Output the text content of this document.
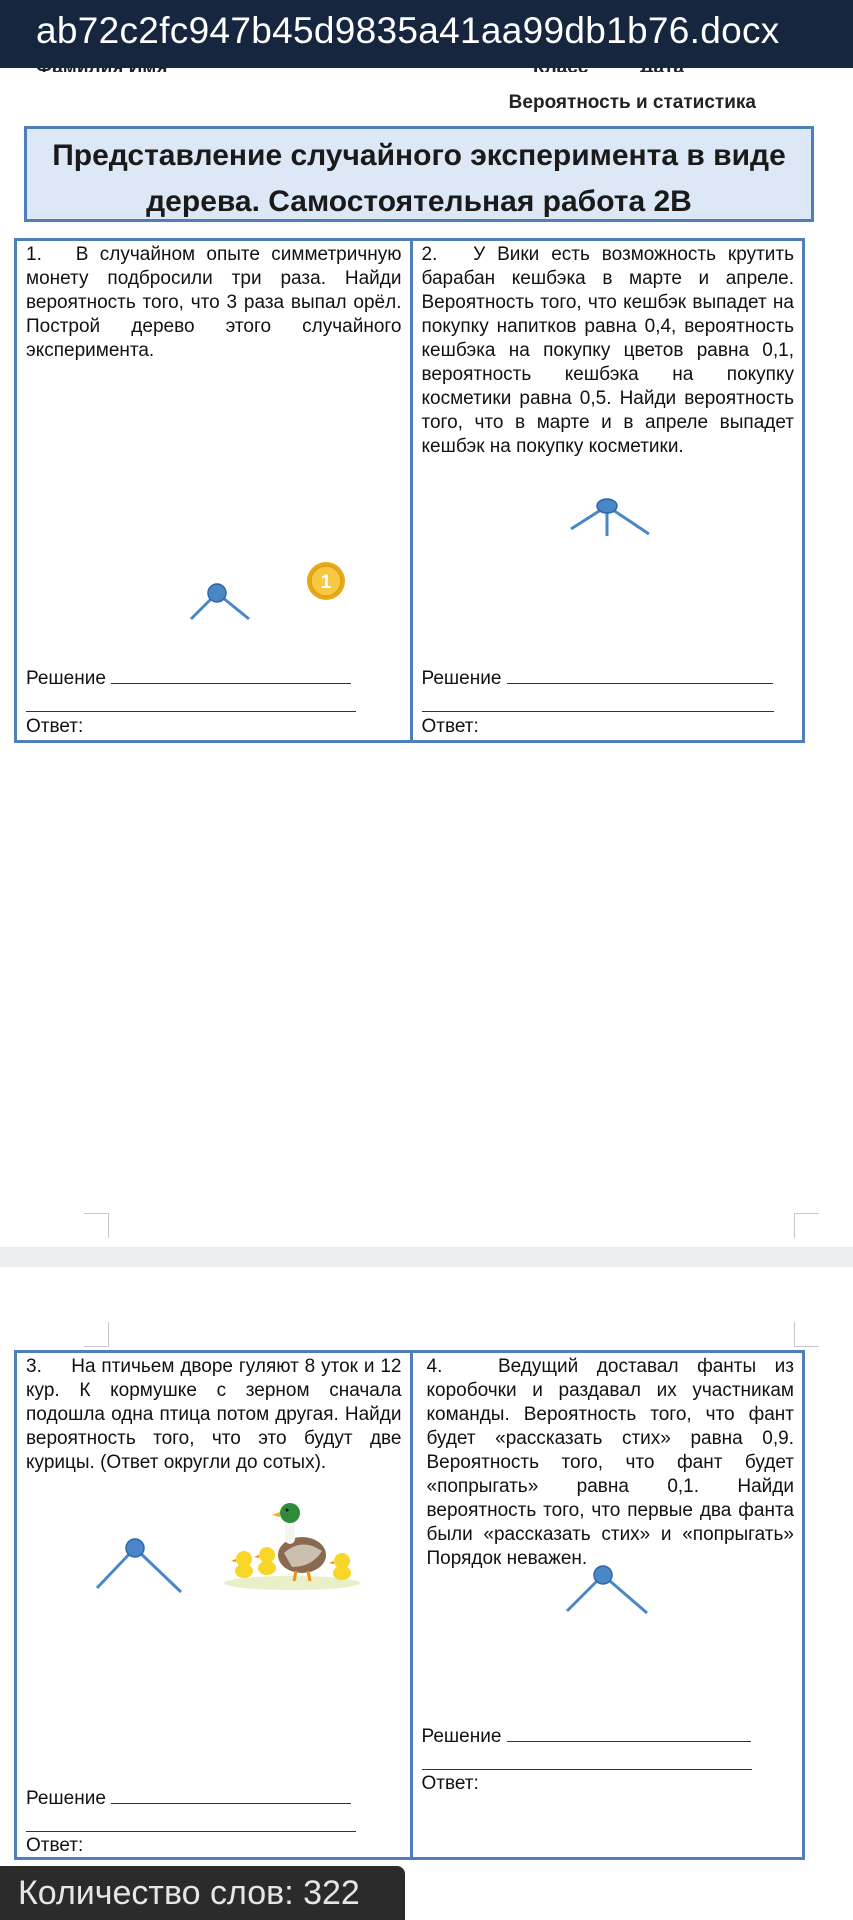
ab72c2fc947b45d9835a41aa99db1b76.docx
Вероятность и статистика
Представление случайного эксперимента в виде
дерева. Самостоятельная работа 2В

1.   В случайном опыте симметричную монету подбросили три раза. Найди вероятность того, что 3 раза выпал орёл. Построй дерево этого случайного эксперимента.

1
Решение
Ответ:

2.   У Вики есть возможность крутить барабан кешбэка в марте и апреле. Вероятность того, что кешбэк выпадет на покупку напитков равна 0,4, вероятность кешбэка на покупку цветов равна 0,1, вероятность кешбэка на покупку косметики равна 0,5. Найди вероятность того, что в марте и в апреле выпадет кешбэк на покупку косметики.

Решение
Ответ:

3.     На птичьем дворе гуляют 8 уток и 12 кур. К кормушке с зерном сначала подошла одна птица потом другая. Найди вероятность того, что это будут две курицы. (Ответ округли до сотых).

Решение
Ответ:

4.   Ведущий доставал фанты из коробочки и раздавал их участникам команды. Вероятность того, что фант будет «рассказать стих» равна 0,9. Вероятность того, что фант будет «попрыгать» равна 0,1. Найди вероятность того, что первые два фанта были «рассказать стих» и «попрыгать» Порядок неважен.

Решение
Ответ:
Количество слов: 322
